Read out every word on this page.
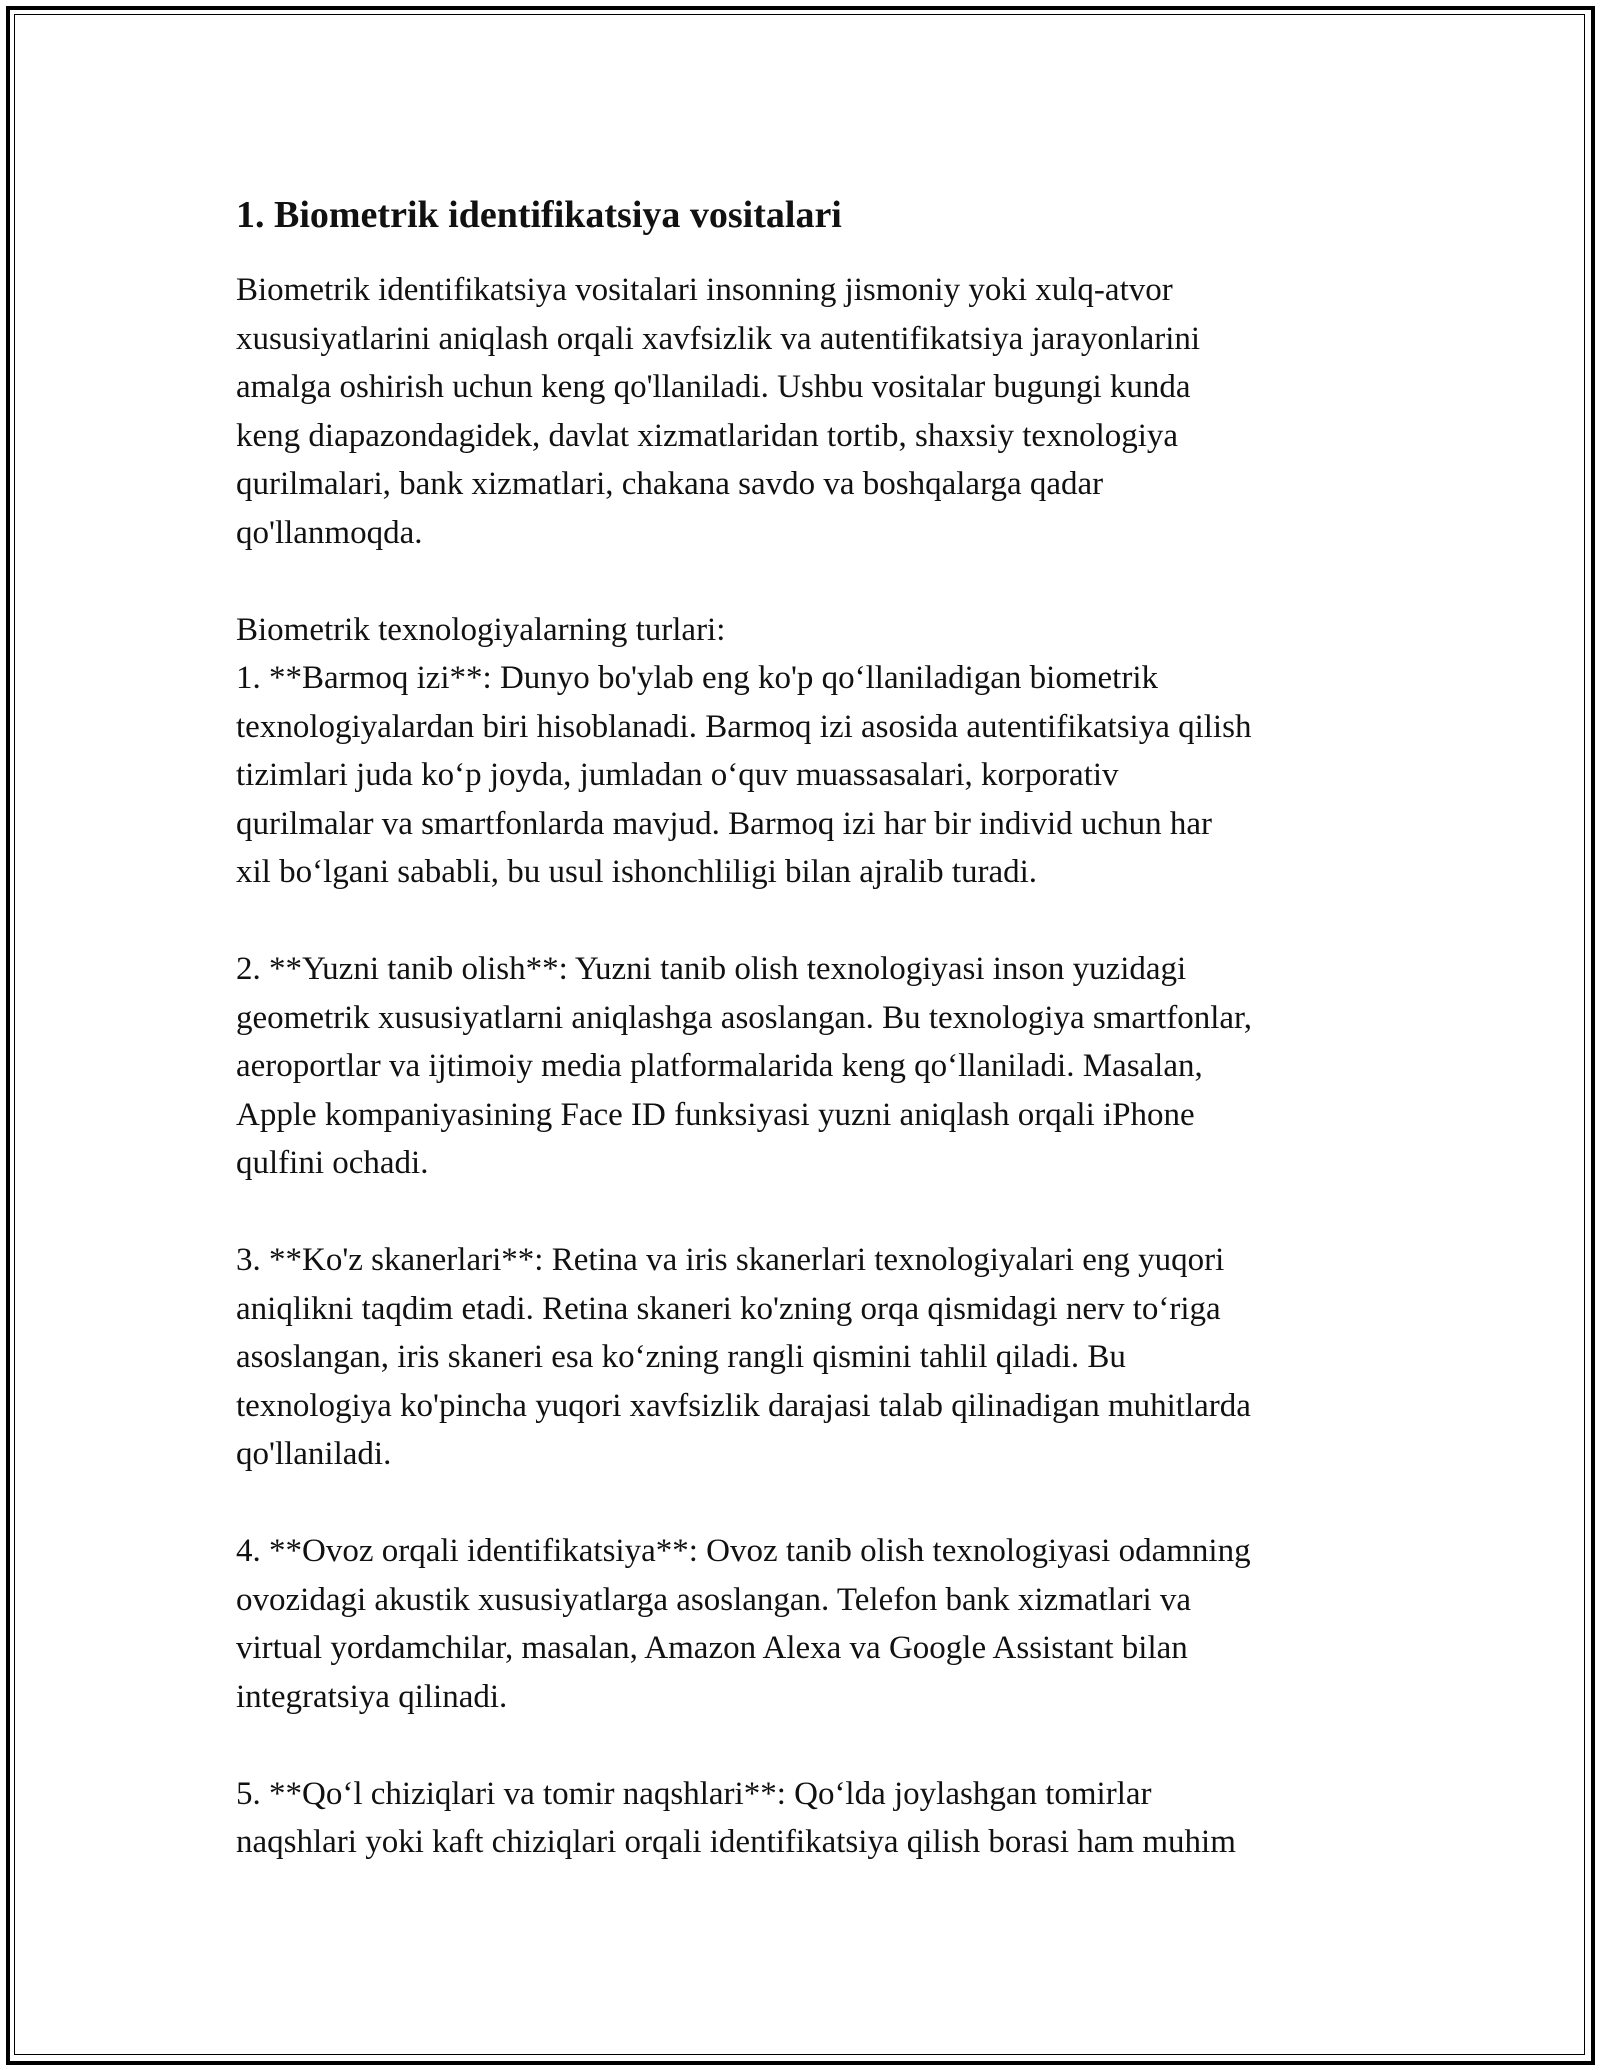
1. Biometrik identifikatsiya vositalari

Biometrik identifikatsiya vositalari insonning jismoniy yoki xulq-atvor
xususiyatlarini aniqlash orqali xavfsizlik va autentifikatsiya jarayonlarini
amalga oshirish uchun keng qo'llaniladi. Ushbu vositalar bugungi kunda
keng diapazondagidek, davlat xizmatlaridan tortib, shaxsiy texnologiya
qurilmalari, bank xizmatlari, chakana savdo va boshqalarga qadar
qo'llanmoqda.

Biometrik texnologiyalarning turlari:
1. **Barmoq izi**: Dunyo bo'ylab eng ko'p qo‘llaniladigan biometrik
texnologiyalardan biri hisoblanadi. Barmoq izi asosida autentifikatsiya qilish
tizimlari juda ko‘p joyda, jumladan o‘quv muassasalari, korporativ
qurilmalar va smartfonlarda mavjud. Barmoq izi har bir individ uchun har
xil bo‘lgani sababli, bu usul ishonchliligi bilan ajralib turadi.

2. **Yuzni tanib olish**: Yuzni tanib olish texnologiyasi inson yuzidagi
geometrik xususiyatlarni aniqlashga asoslangan. Bu texnologiya smartfonlar,
aeroportlar va ijtimoiy media platformalarida keng qo‘llaniladi. Masalan,
Apple kompaniyasining Face ID funksiyasi yuzni aniqlash orqali iPhone
qulfini ochadi.

3. **Ko'z skanerlari**: Retina va iris skanerlari texnologiyalari eng yuqori
aniqlikni taqdim etadi. Retina skaneri ko'zning orqa qismidagi nerv to‘riga
asoslangan, iris skaneri esa ko‘zning rangli qismini tahlil qiladi. Bu
texnologiya ko'pincha yuqori xavfsizlik darajasi talab qilinadigan muhitlarda
qo'llaniladi.

4. **Ovoz orqali identifikatsiya**: Ovoz tanib olish texnologiyasi odamning
ovozidagi akustik xususiyatlarga asoslangan. Telefon bank xizmatlari va
virtual yordamchilar, masalan, Amazon Alexa va Google Assistant bilan
integratsiya qilinadi.

5. **Qo‘l chiziqlari va tomir naqshlari**: Qo‘lda joylashgan tomirlar
naqshlari yoki kaft chiziqlari orqali identifikatsiya qilish borasi ham muhim
